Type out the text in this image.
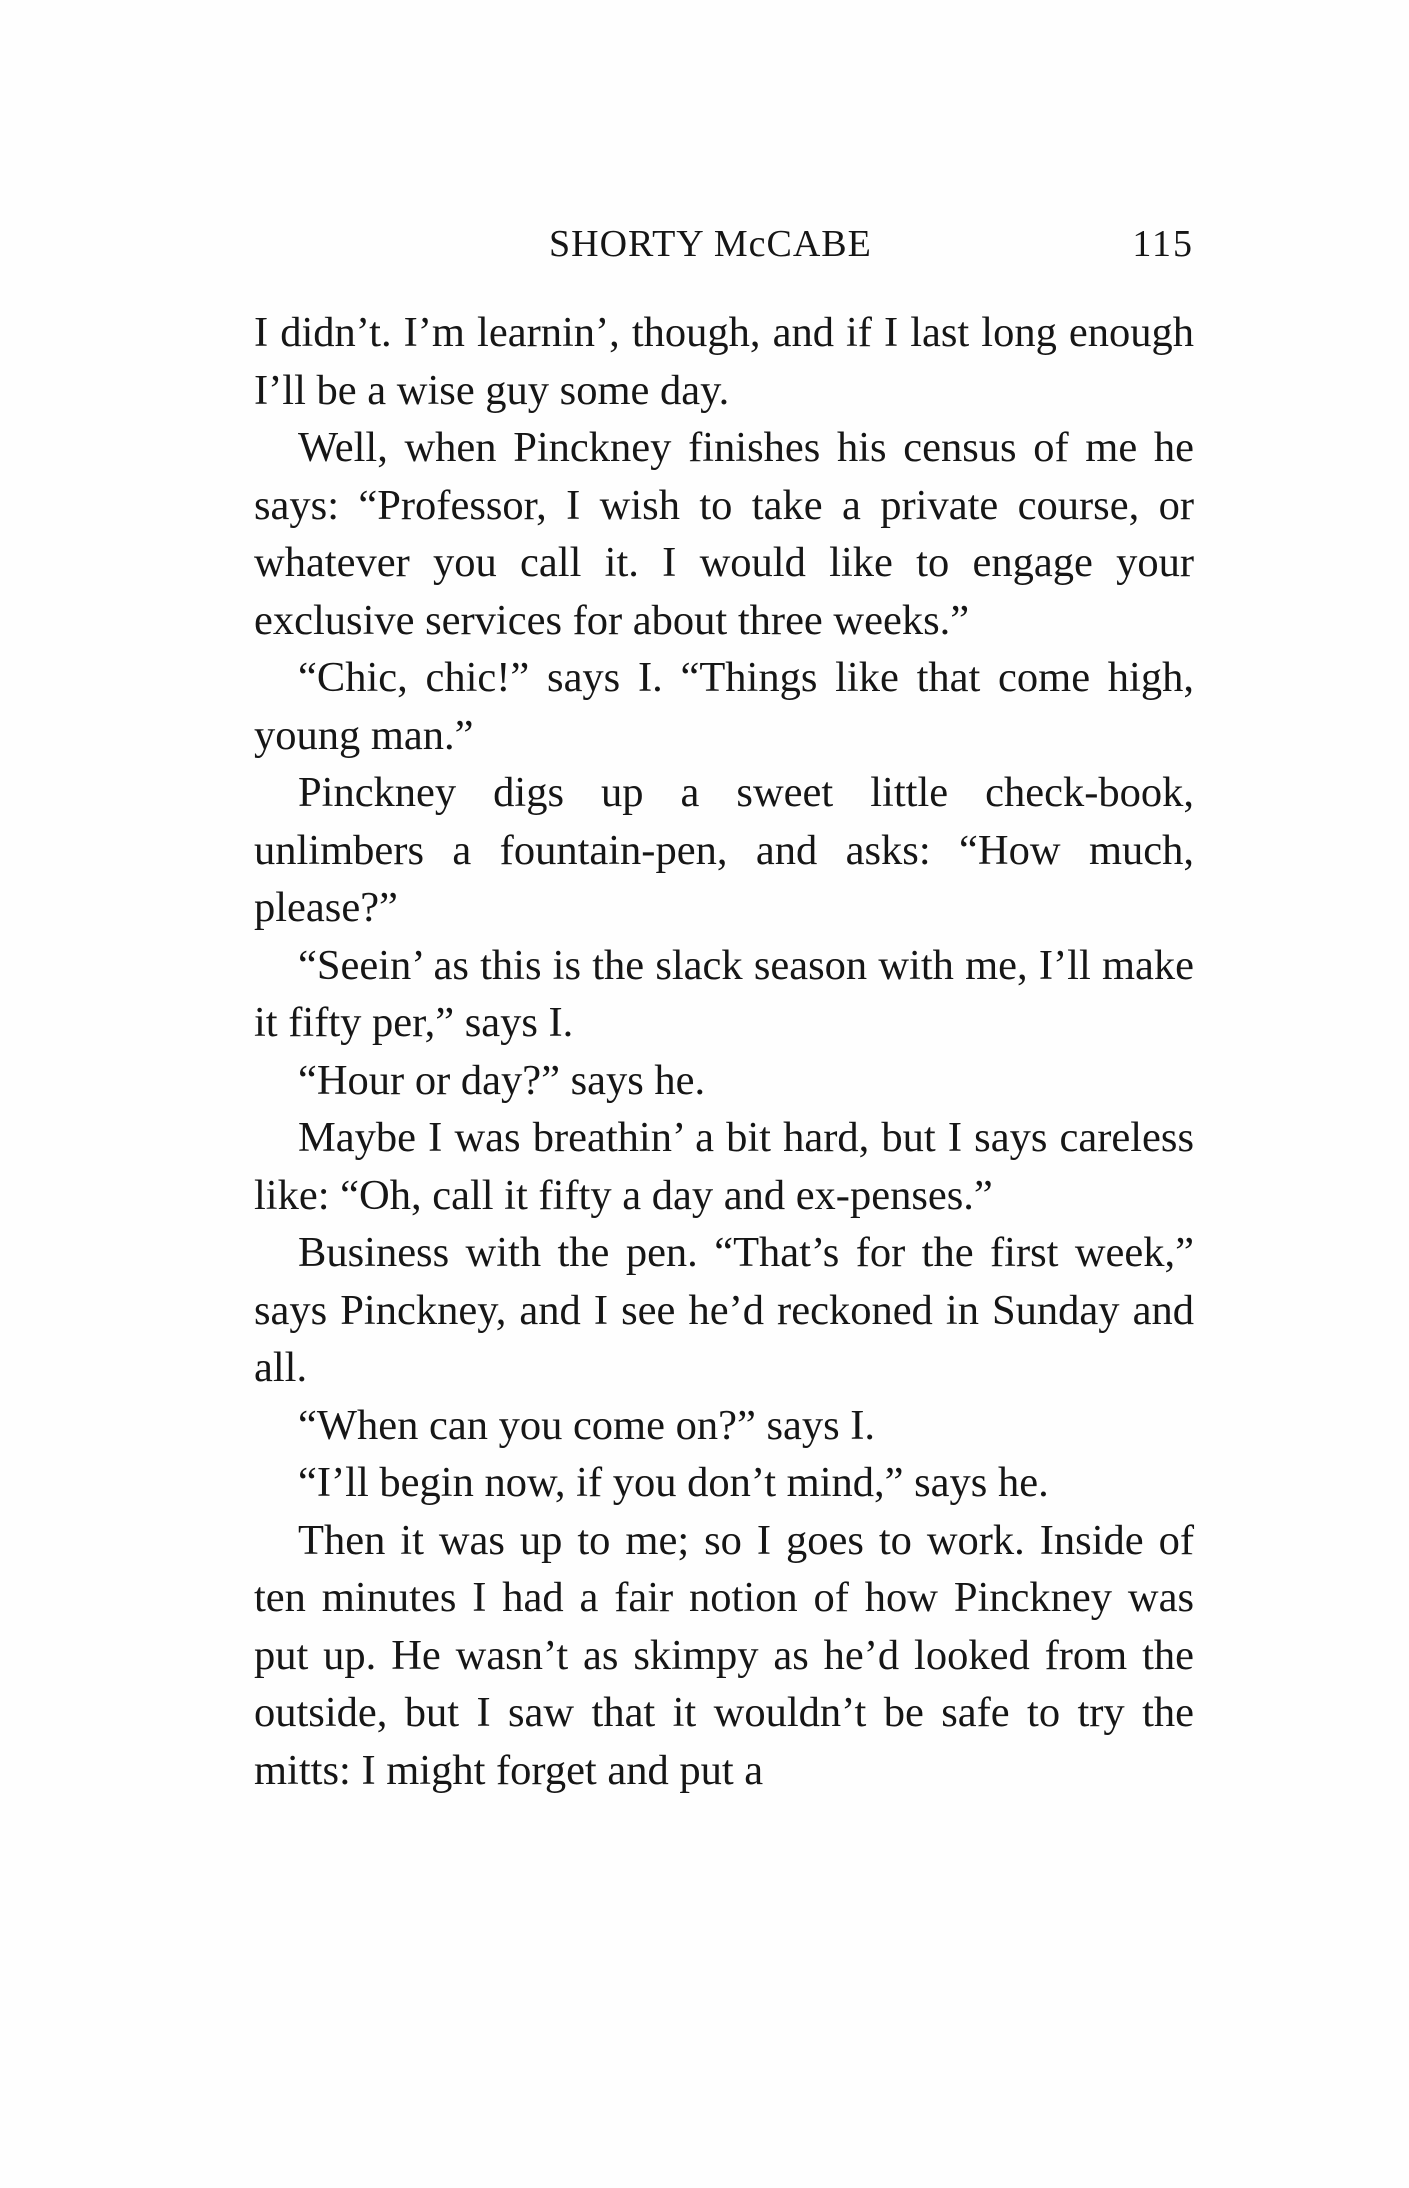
SHORTY McCABE	115

I didn’t. I’m learnin’, though, and if I last long enough I’ll be a wise guy some day.

Well, when Pinckney finishes his census of me he says: “Professor, I wish to take a private course, or whatever you call it. I would like to engage your exclusive services for about three weeks.”

“Chic, chic!” says I. “Things like that come high, young man.”

Pinckney digs up a sweet little check-book, unlimbers a fountain-pen, and asks: “How much, please?”

“Seein’ as this is the slack season with me, I’ll make it fifty per,” says I.

“Hour or day?” says he.

Maybe I was breathin’ a bit hard, but I says careless like: “Oh, call it fifty a day and ex-penses.”

Business with the pen. “That’s for the first week,” says Pinckney, and I see he’d reckoned in Sunday and all.

“When can you come on?” says I.

“I’ll begin now, if you don’t mind,” says he.

Then it was up to me; so I goes to work. Inside of ten minutes I had a fair notion of how Pinckney was put up. He wasn’t as skimpy as he’d looked from the outside, but I saw that it wouldn’t be safe to try the mitts: I might forget and put a
